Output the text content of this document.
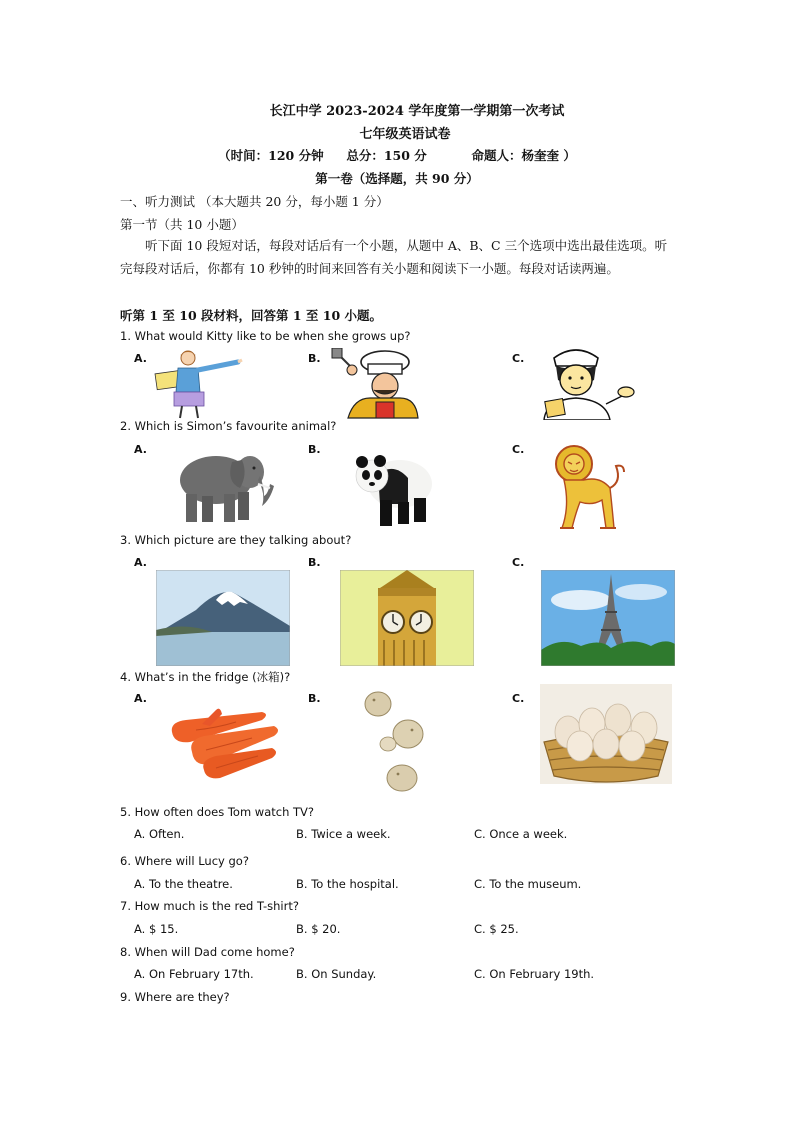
长江中学 2023-2024 学年度第一学期第一次考试
七年级英语试卷
（时间：120 分钟 总分：150 分	命题人：杨奎奎 ）
第一卷（选择题，共 90 分）
一、听力测试 （本大题共 20 分，每小题 1 分）
第一节（共 10 小题）
听下面 10 段短对话，每段对话后有一个小题，从题中 A、B、C 三个选项中选出最佳选项。听完每段对话后，你都有 10 秒钟的时间来回答有关小题和阅读下一小题。每段对话读两遍。
听第 1 至 10 段材料，回答第 1 至 10 小题。
1. What would Kitty like to be when she grows up?
A.	B.	C.
2. Which is Simon’s favourite animal?
A.	B.	C.
3. Which picture are they talking about?
A.	B.	C.
4. What’s in the fridge (冰箱)?
A.	B.	C.
5. How often does Tom watch TV?
A. Often.	B. Twice a week.	C. Once a week.
6. Where will Lucy go?
A. To the theatre.	B. To the hospital.	C. To the museum.
7. How much is the red T-shirt?
A. $ 15.	B. $ 20.	C. $ 25.
8. When will Dad come home?
A. On February 17th.	B. On Sunday.	C. On February 19th.
9. Where are they?
